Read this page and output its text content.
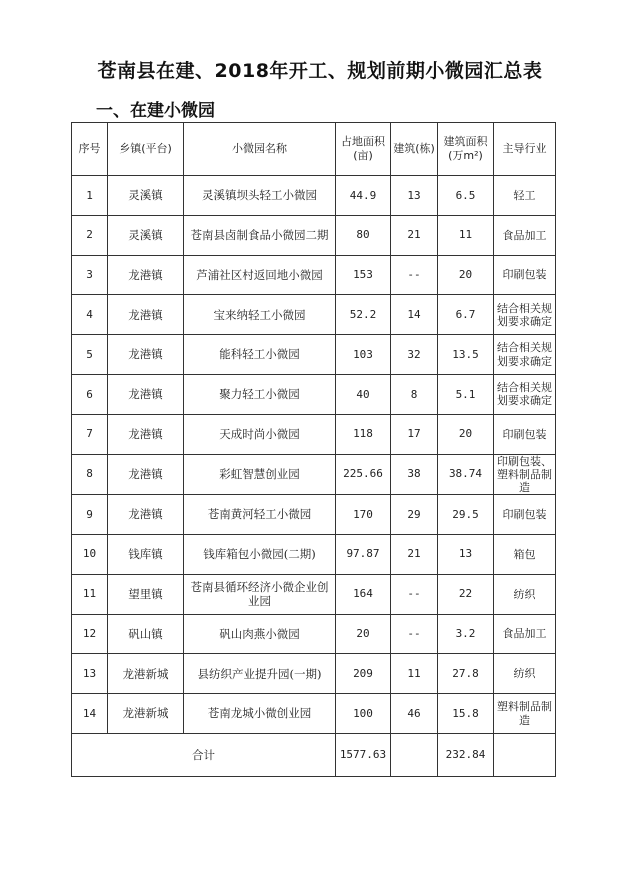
苍南县在建、2018年开工、规划前期小微园汇总表
一、在建小微园
序号	乡镇(平台)	小微园名称	占地面积(亩)	建筑(栋)	建筑面积(万m²)	主导行业
1	灵溪镇	灵溪镇坝头轻工小微园	44.9	13	6.5	轻工
2	灵溪镇	苍南县卤制食品小微园二期	80	21	11	食品加工
3	龙港镇	芦浦社区村返回地小微园	153	--	20	印刷包装
4	龙港镇	宝来纳轻工小微园	52.2	14	6.7	结合相关规划要求确定
5	龙港镇	能科轻工小微园	103	32	13.5	结合相关规划要求确定
6	龙港镇	聚力轻工小微园	40	8	5.1	结合相关规划要求确定
7	龙港镇	天成时尚小微园	118	17	20	印刷包装
8	龙港镇	彩虹智慧创业园	225.66	38	38.74	印刷包装、塑料制品制造
9	龙港镇	苍南黄河轻工小微园	170	29	29.5	印刷包装
10	钱库镇	钱库箱包小微园(二期)	97.87	21	13	箱包
11	望里镇	苍南县循环经济小微企业创业园	164	--	22	纺织
12	矾山镇	矾山肉燕小微园	20	--	3.2	食品加工
13	龙港新城	县纺织产业提升园(一期)	209	11	27.8	纺织
14	龙港新城	苍南龙城小微创业园	100	46	15.8	塑料制品制造
合计			1577.63		232.84	
